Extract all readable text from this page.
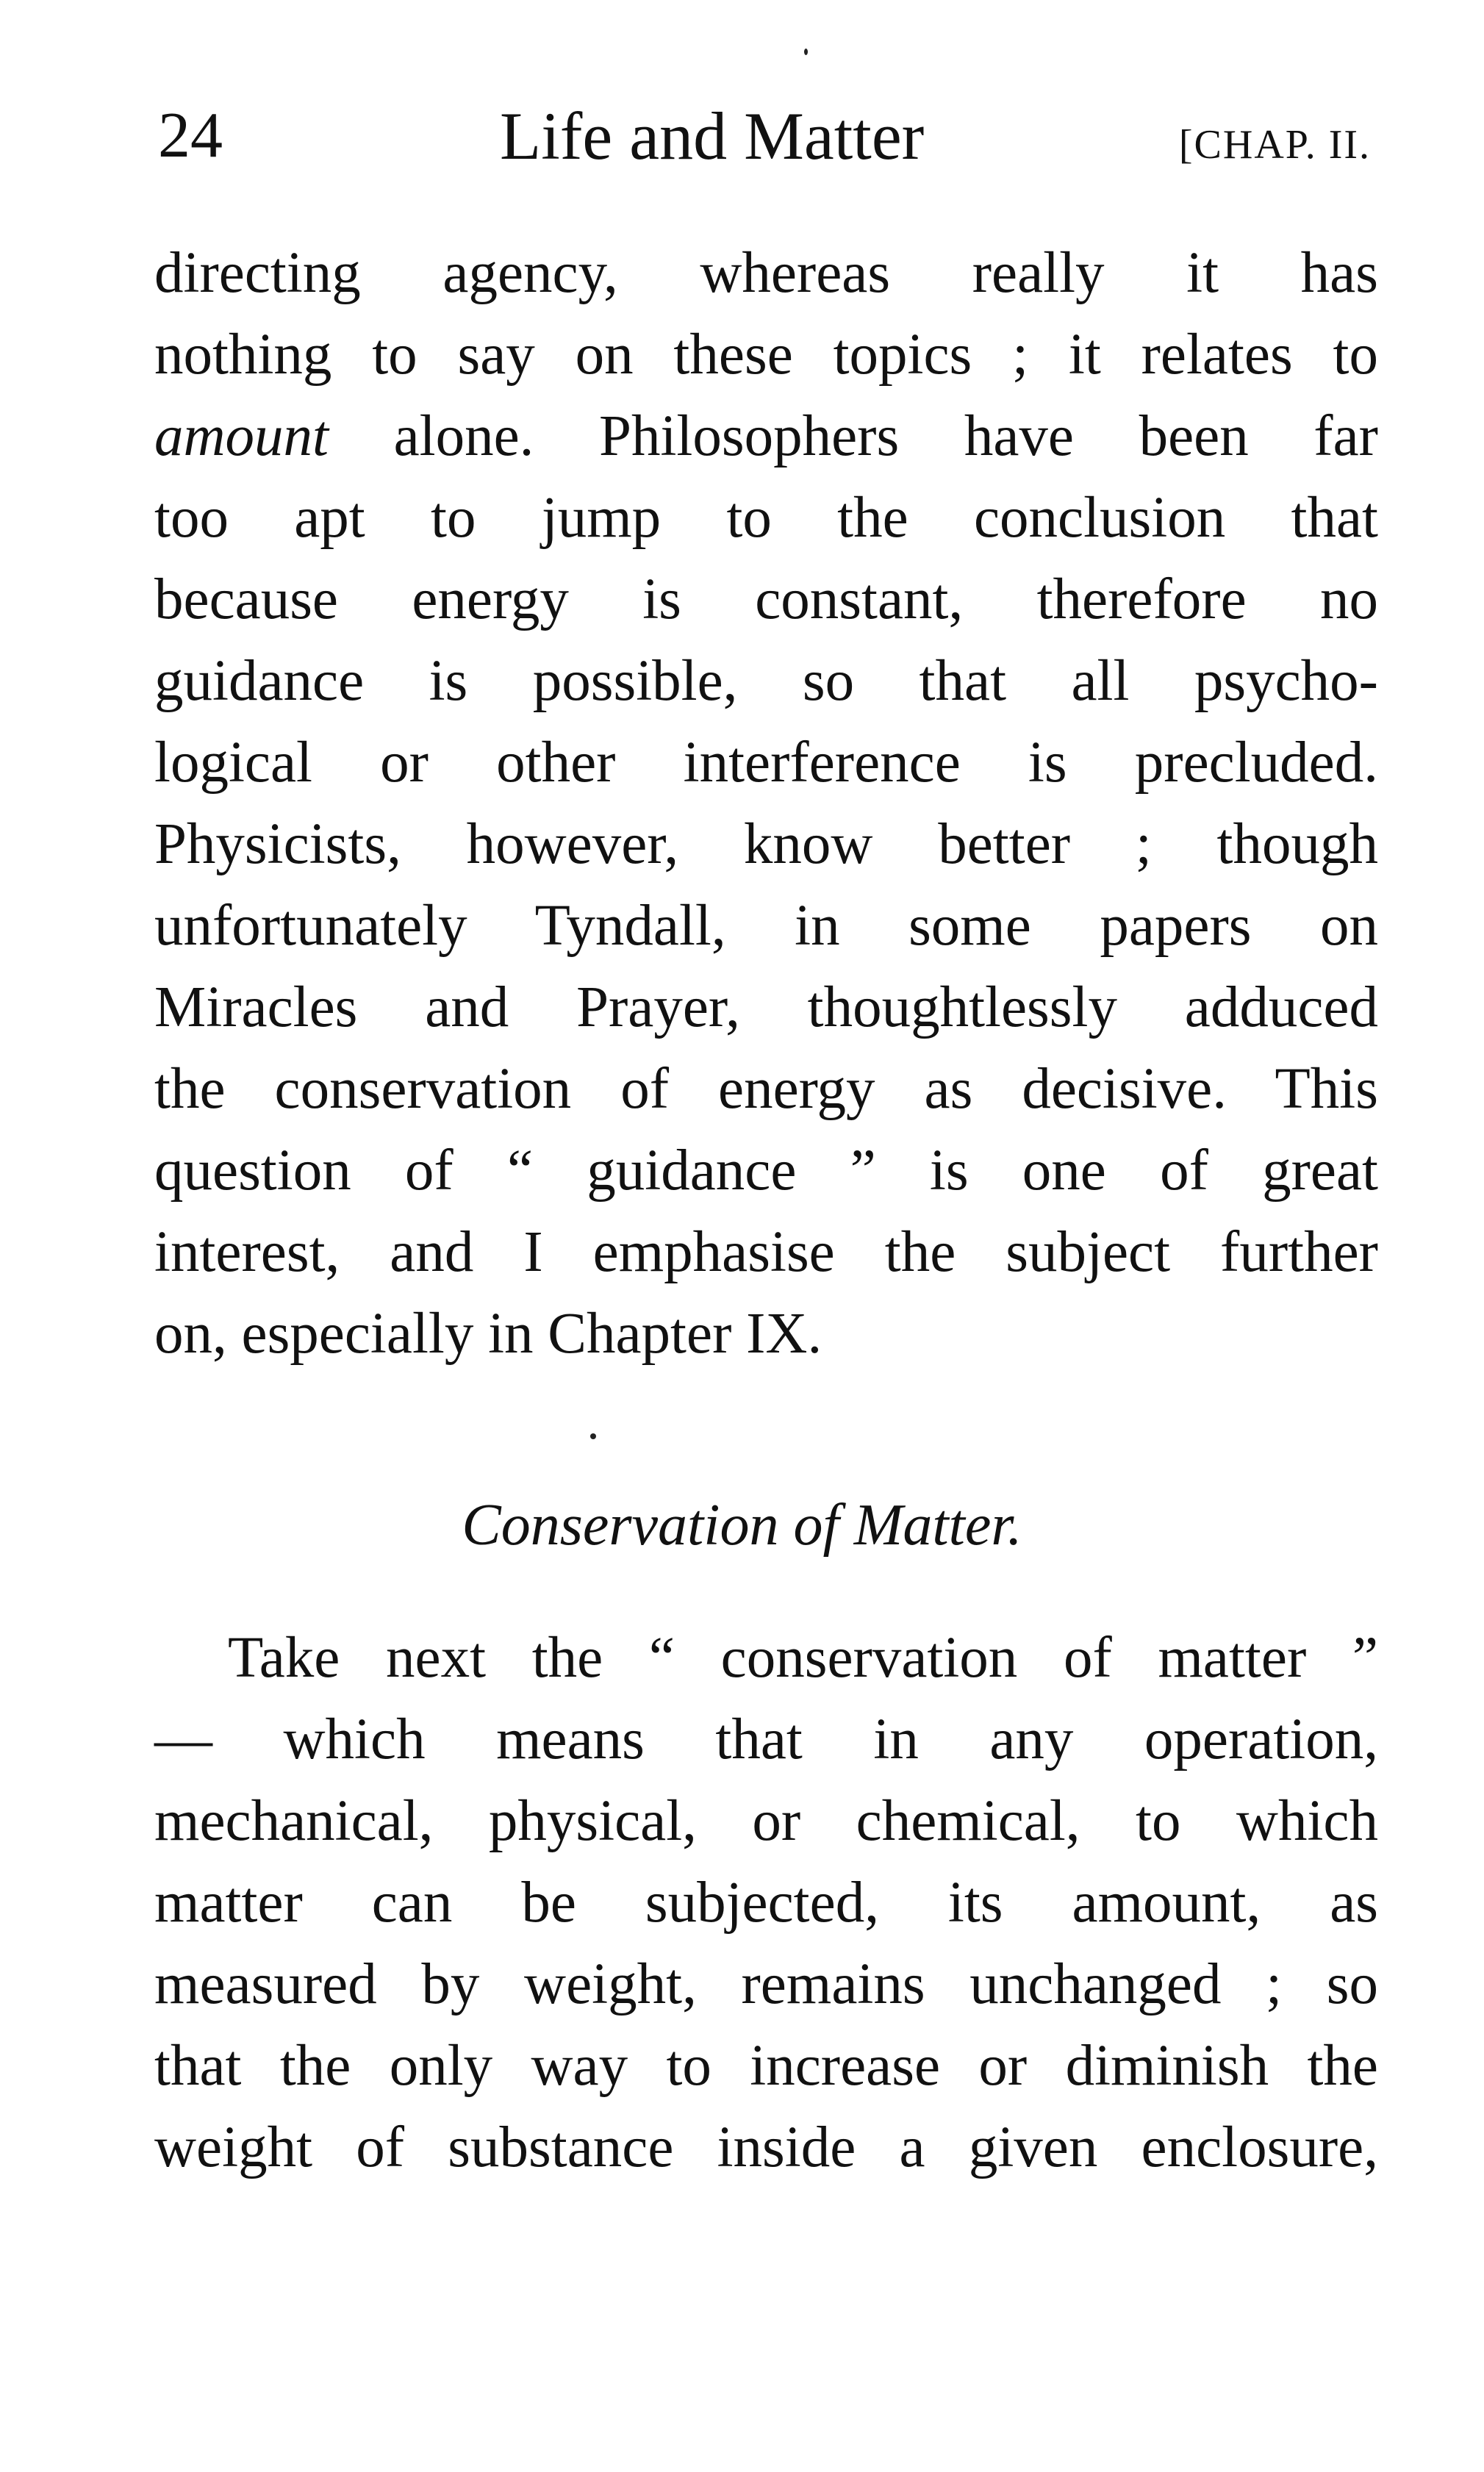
24	Life and Matter	[CHAP. II.
directing agency, whereas really it has
nothing to say on these topics ; it relates to
amount alone. Philosophers have been far
too apt to jump to the conclusion that
because energy is constant, therefore no
guidance is possible, so that all psycho-
logical or other interference is precluded.
Physicists, however, know better ; though
unfortunately Tyndall, in some papers on
Miracles and Prayer, thoughtlessly adduced
the conservation of energy as decisive. This
question of “ guidance ” is one of great
interest, and I emphasise the subject further
on, especially in Chapter IX.
Conservation of Matter.
Take next the “ conservation of matter ”
— which means that in any operation,
mechanical, physical, or chemical, to which
matter can be subjected, its amount, as
measured by weight, remains unchanged ; so
that the only way to increase or diminish the
weight of substance inside a given enclosure,
